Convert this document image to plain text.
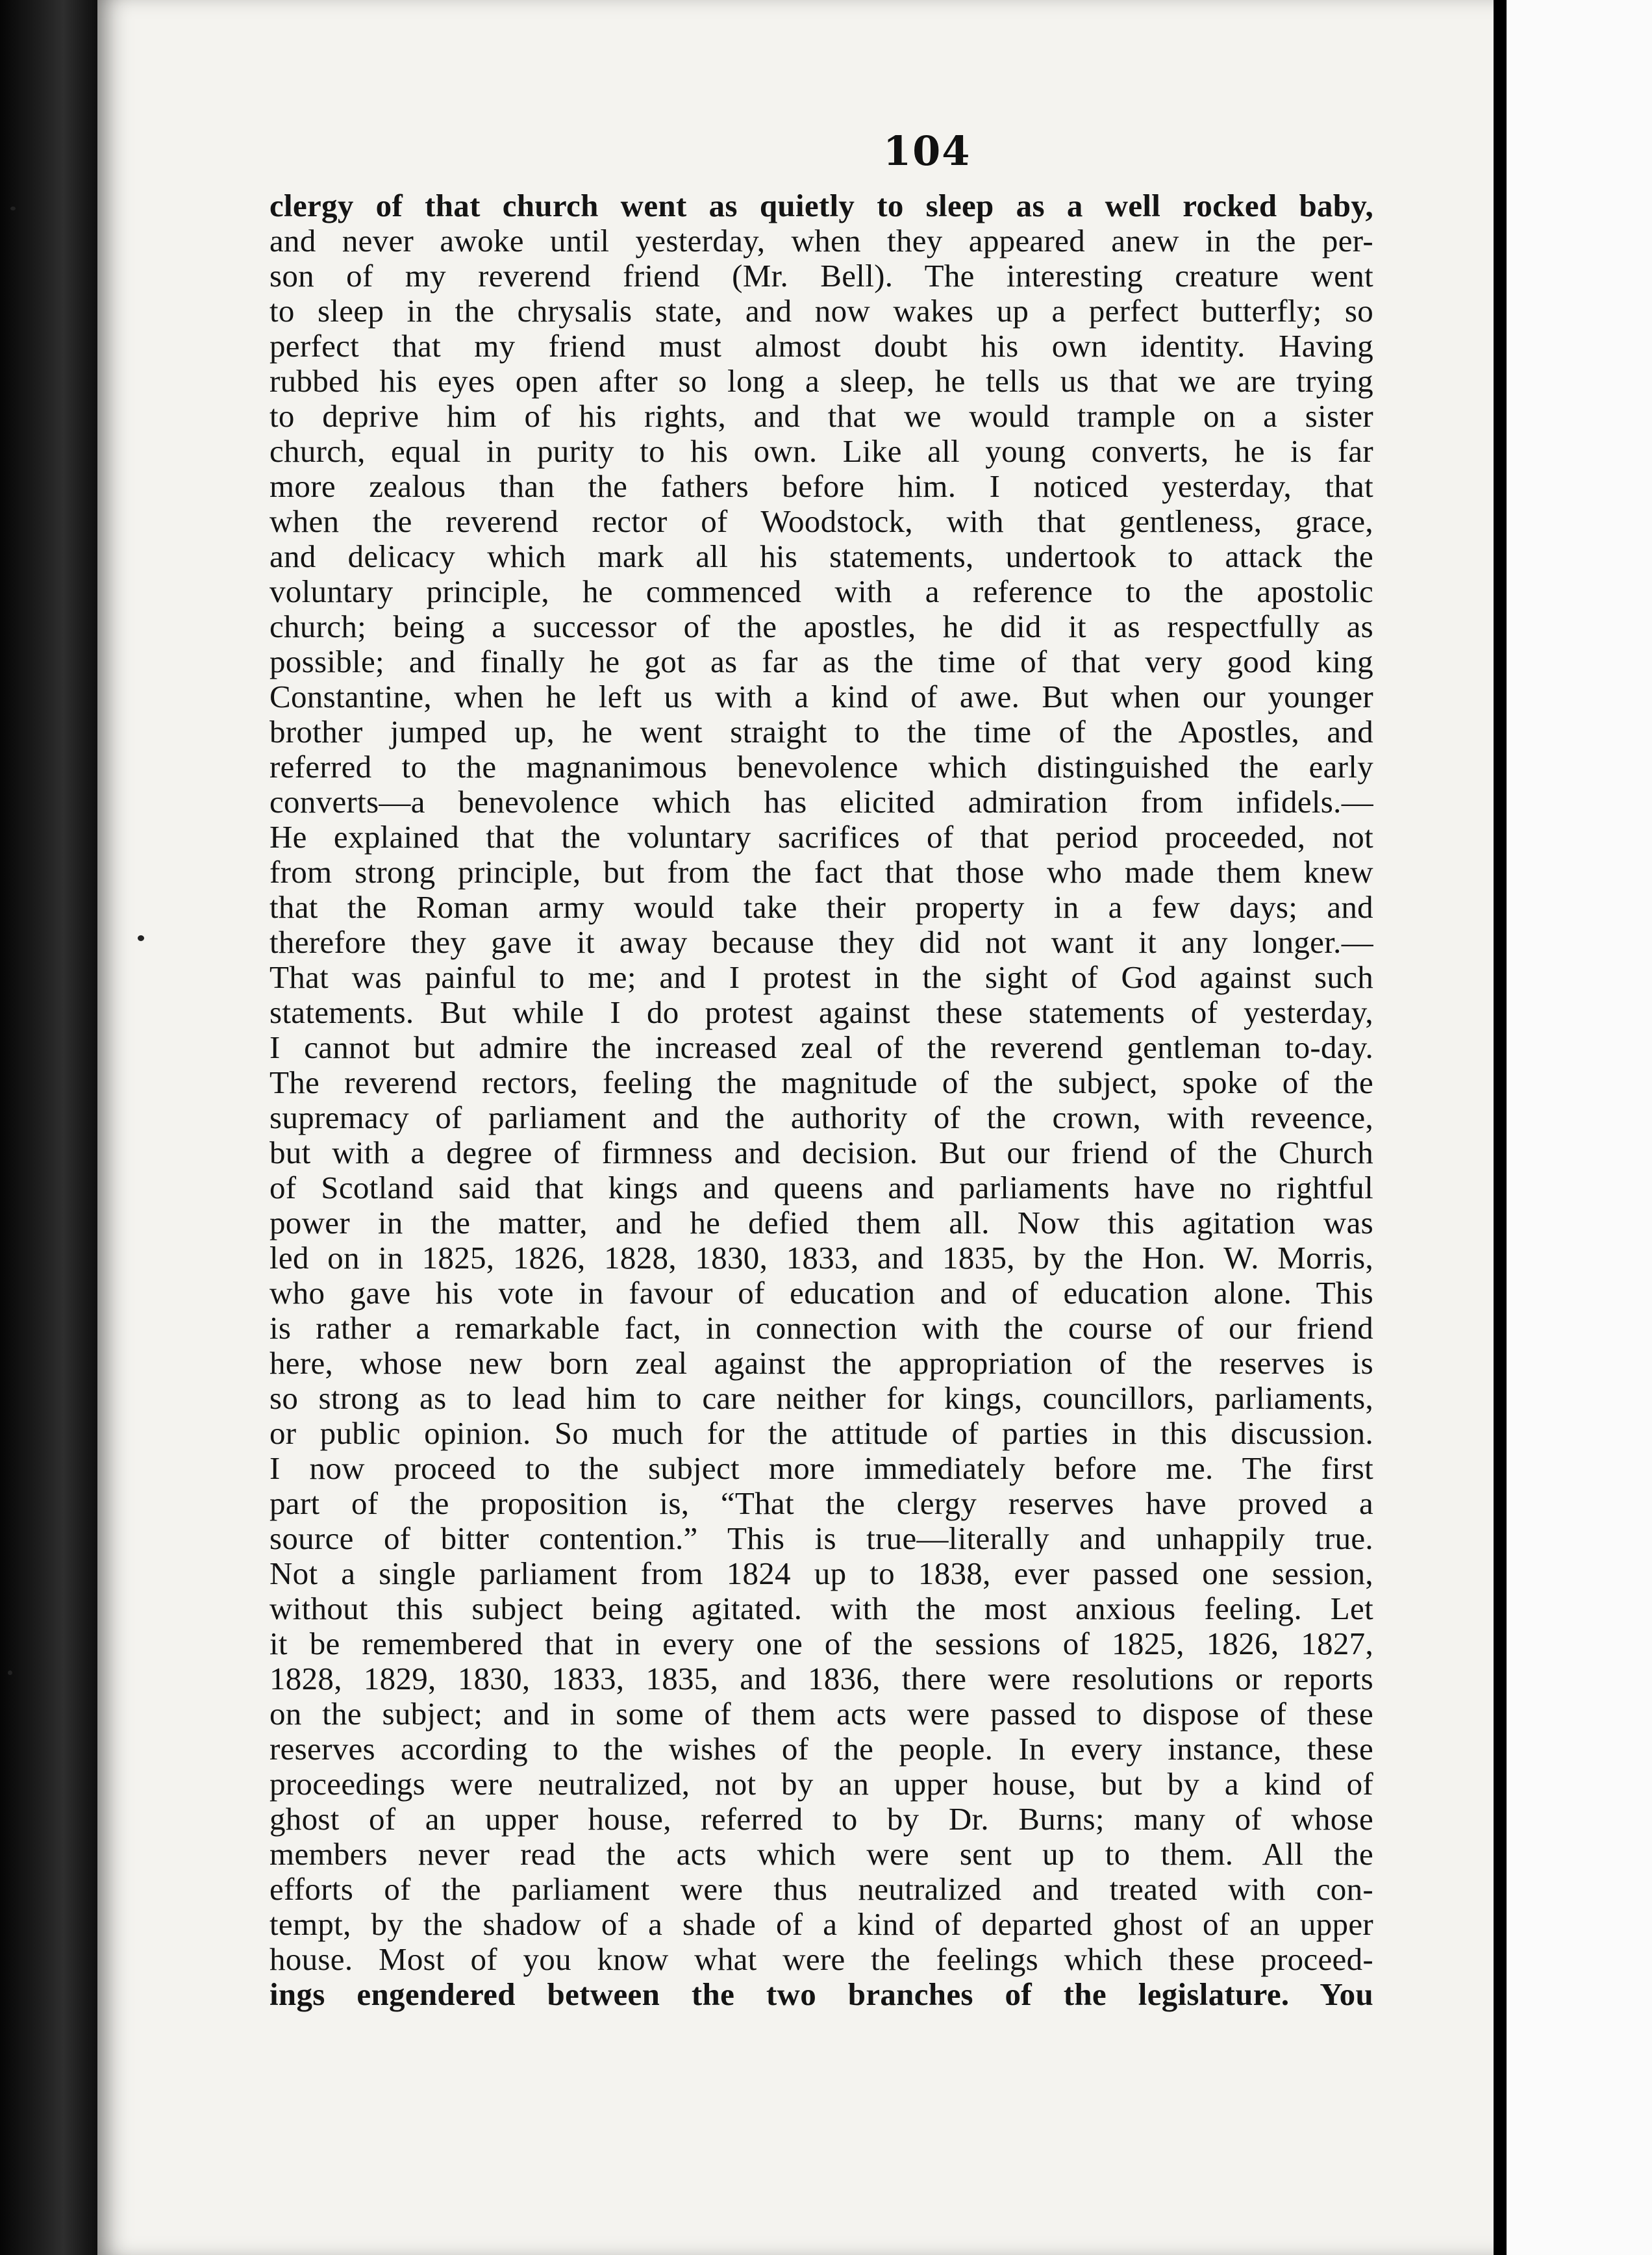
104
clergy of that church went as quietly to sleep as a well rocked baby,
and never awoke until yesterday, when they appeared anew in the per-
son of my reverend friend (Mr. Bell). The interesting creature went
to sleep in the chrysalis state, and now wakes up a perfect butterfly; so
perfect that my friend must almost doubt his own identity. Having
rubbed his eyes open after so long a sleep, he tells us that we are trying
to deprive him of his rights, and that we would trample on a sister
church, equal in purity to his own. Like all young converts, he is far
more zealous than the fathers before him. I noticed yesterday, that
when the reverend rector of Woodstock, with that gentleness, grace,
and delicacy which mark all his statements, undertook to attack the
voluntary principle, he commenced with a reference to the apostolic
church; being a successor of the apostles, he did it as respectfully as
possible; and finally he got as far as the time of that very good king
Constantine, when he left us with a kind of awe. But when our younger
brother jumped up, he went straight to the time of the Apostles, and
referred to the magnanimous benevolence which distinguished the early
converts—a benevolence which has elicited admiration from infidels.—
He explained that the voluntary sacrifices of that period proceeded, not
from strong principle, but from the fact that those who made them knew
that the Roman army would take their property in a few days; and
therefore they gave it away because they did not want it any longer.—
That was painful to me; and I protest in the sight of God against such
statements. But while I do protest against these statements of yesterday,
I cannot but admire the increased zeal of the reverend gentleman to-day.
The reverend rectors, feeling the magnitude of the subject, spoke of the
supremacy of parliament and the authority of the crown, with reveence,
but with a degree of firmness and decision. But our friend of the Church
of Scotland said that kings and queens and parliaments have no rightful
power in the matter, and he defied them all. Now this agitation was
led on in 1825, 1826, 1828, 1830, 1833, and 1835, by the Hon. W. Morris,
who gave his vote in favour of education and of education alone. This
is rather a remarkable fact, in connection with the course of our friend
here, whose new born zeal against the appropriation of the reserves is
so strong as to lead him to care neither for kings, councillors, parliaments,
or public opinion. So much for the attitude of parties in this discussion.
I now proceed to the subject more immediately before me. The first
part of the proposition is, “That the clergy reserves have proved a
source of bitter contention.” This is true—literally and unhappily true.
Not a single parliament from 1824 up to 1838, ever passed one session,
without this subject being agitated. with the most anxious feeling. Let
it be remembered that in every one of the sessions of 1825, 1826, 1827,
1828, 1829, 1830, 1833, 1835, and 1836, there were resolutions or reports
on the subject; and in some of them acts were passed to dispose of these
reserves according to the wishes of the people. In every instance, these
proceedings were neutralized, not by an upper house, but by a kind of
ghost of an upper house, referred to by Dr. Burns; many of whose
members never read the acts which were sent up to them. All the
efforts of the parliament were thus neutralized and treated with con-
tempt, by the shadow of a shade of a kind of departed ghost of an upper
house. Most of you know what were the feelings which these proceed-
ings engendered between the two branches of the legislature. You
